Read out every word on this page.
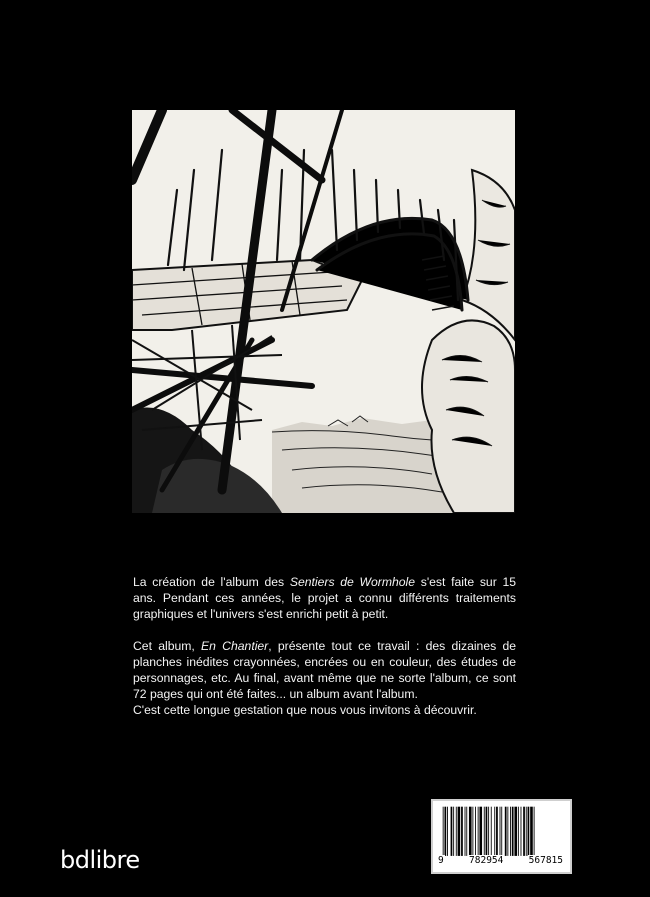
La création de l'album des Sentiers de Wormhole s'est faite sur 15 ans. Pendant ces années, le projet a connu différents traitements graphiques et l'univers s'est enrichi petit à petit.

Cet album, En Chantier, présente tout ce travail : des dizaines de planches inédites crayonnées, encrées ou en couleur, des études de personnages, etc. Au final, avant même que ne sorte l'album, ce sont 72 pages qui ont été faites... un album avant l'album.

C'est cette longue gestation que nous vous invitons à découvrir.

9	782954	567815
bdlibre
